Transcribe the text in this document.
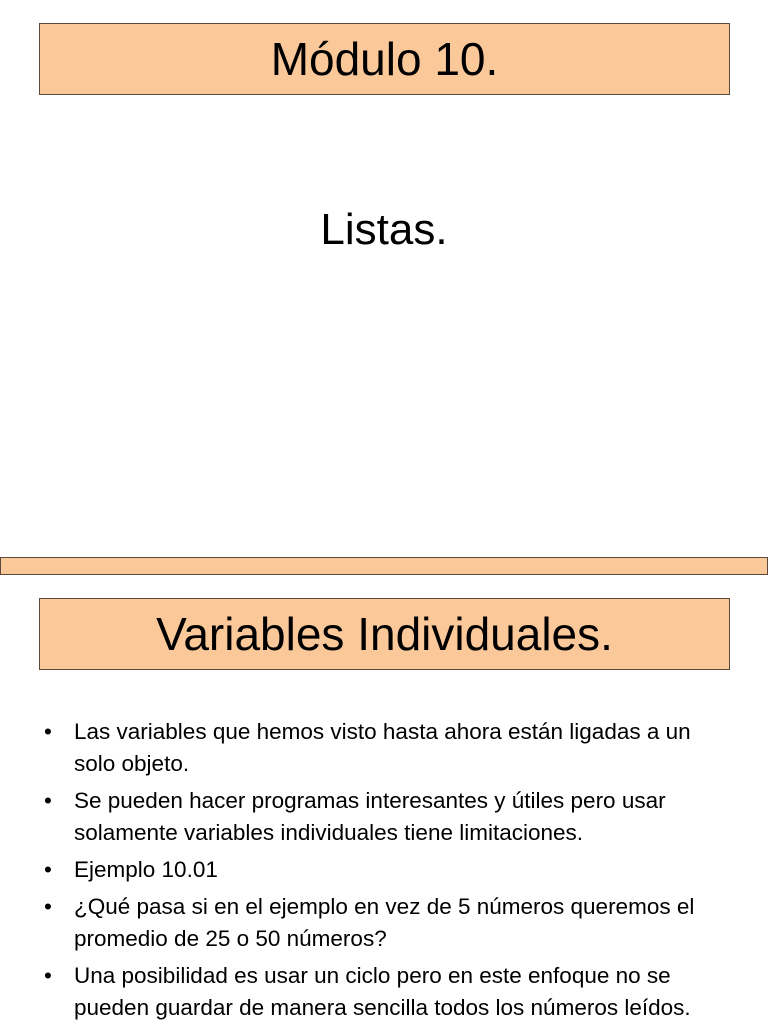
Módulo 10.
Listas.
Variables Individuales.
• Las variables que hemos visto hasta ahora están ligadas a un solo objeto.
• Se pueden hacer programas interesantes y útiles pero usar solamente variables individuales tiene limitaciones.
• Ejemplo 10.01
• ¿Qué pasa si en el ejemplo en vez de 5 números queremos el promedio de 25 o 50 números?
• Una posibilidad es usar un ciclo pero en este enfoque no se pueden guardar de manera sencilla todos los números leídos.
